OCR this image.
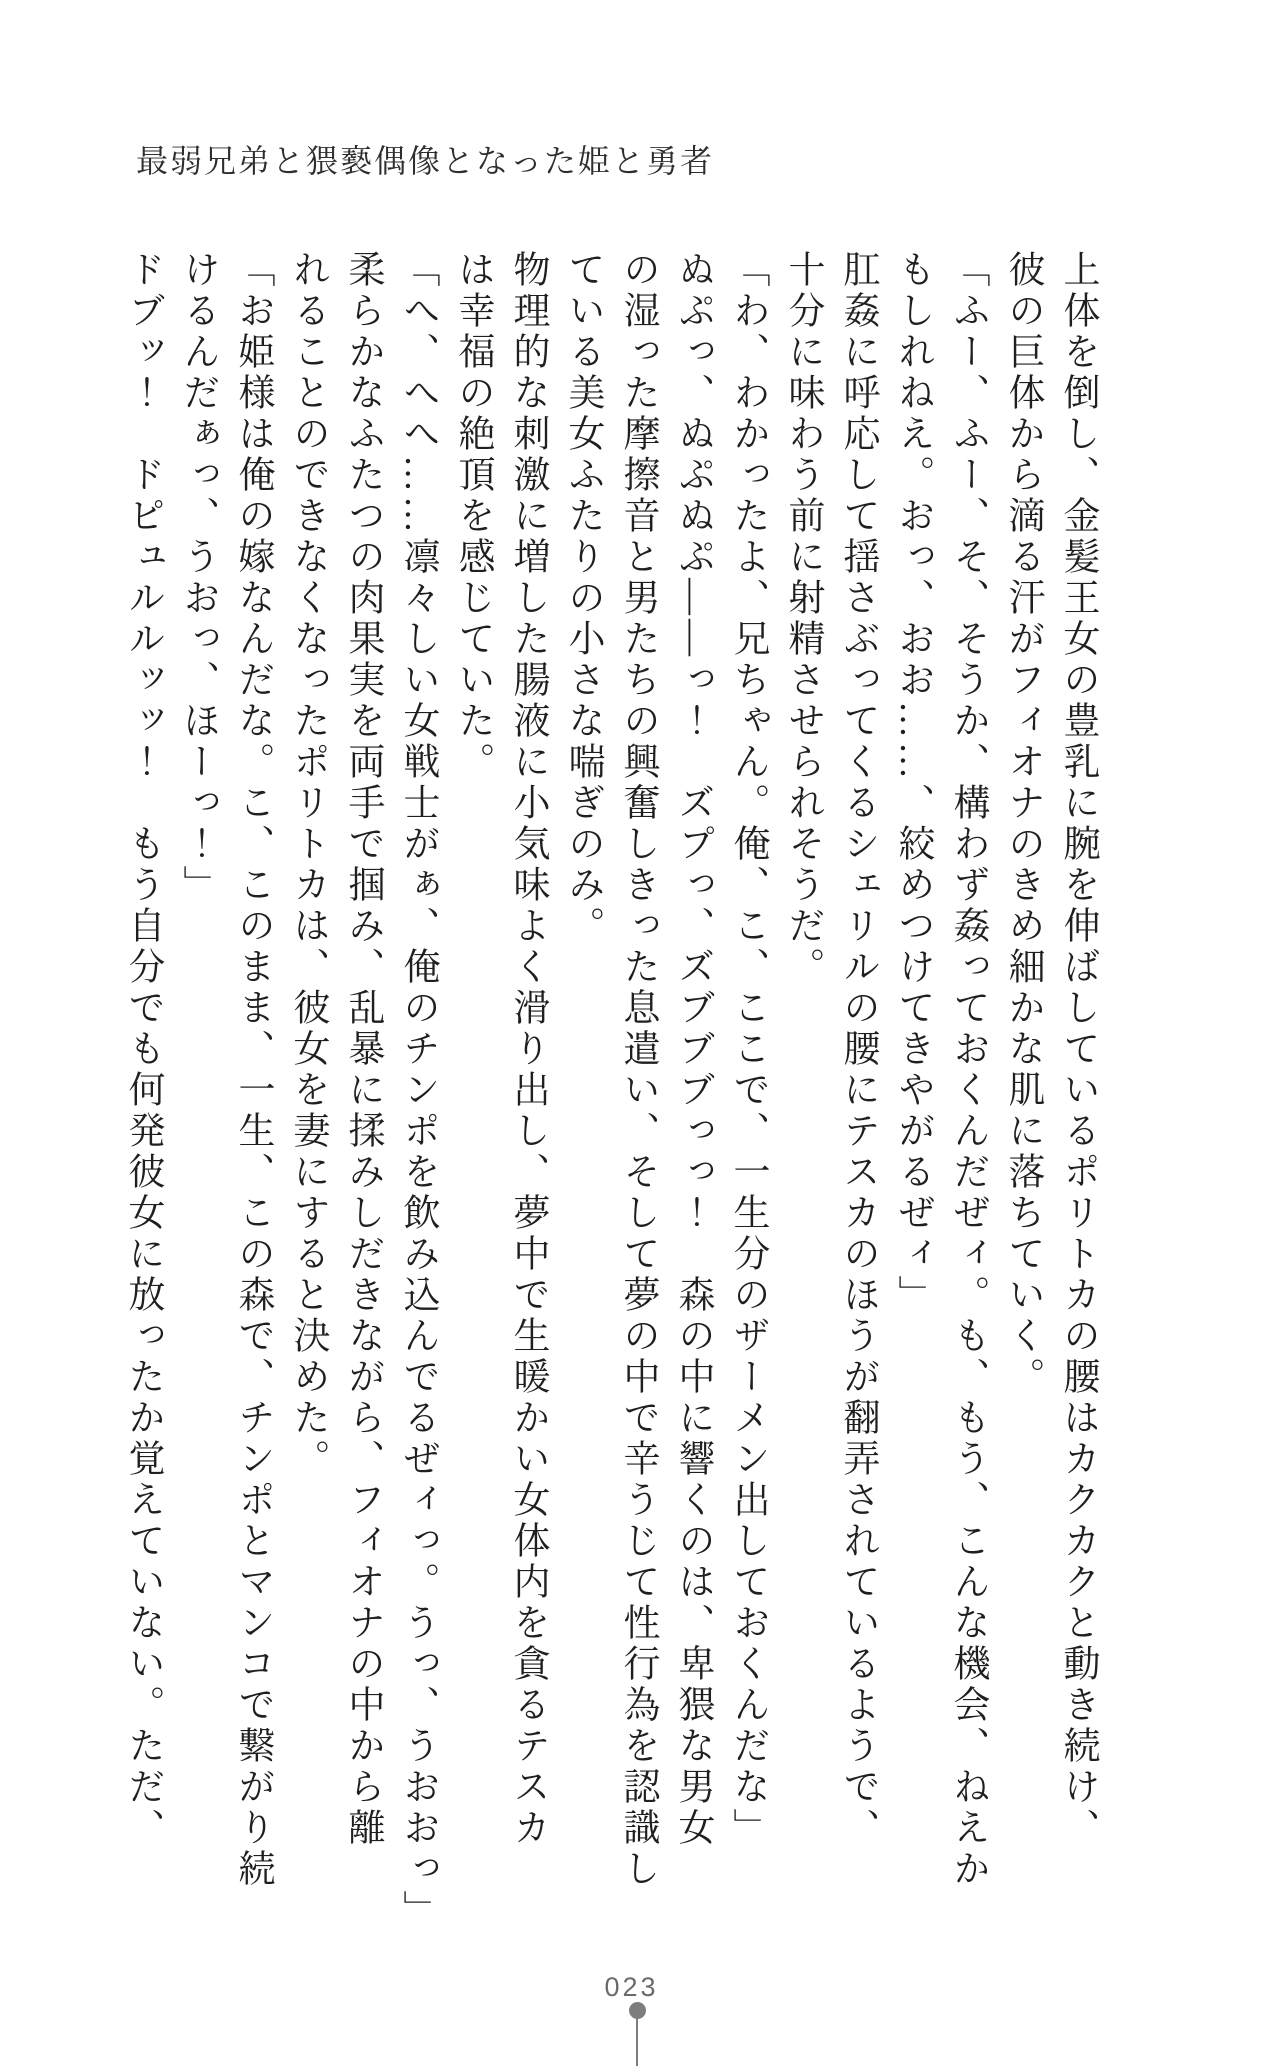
最弱兄弟と猥褻偶像となった姫と勇者

上体を倒し、金髪王女の豊乳に腕を伸ばしているポリトカの腰はカクカクと動き続け、

彼の巨体から滴る汗がフィオナのきめ細かな肌に落ちていく。

「ふー、ふー、そ、そうか、構わず姦っておくんだぜィ。も、もう、こんな機会、ねえか

もしれねえ。おっ、おお……、絞めつけてきやがるぜィ」

肛姦に呼応して揺さぶってくるシェリルの腰にテスカのほうが翻弄されているようで、

十分に味わう前に射精させられそうだ。

「わ、わかったよ、兄ちゃん。俺、こ、ここで、一生分のザーメン出しておくんだな」

ぬぷっ、ぬぷぬぷ――っ！　ズプっ、ズブブブっっ！　森の中に響くのは、卑猥な男女

の湿った摩擦音と男たちの興奮しきった息遣い、そして夢の中で辛うじて性行為を認識し

ている美女ふたりの小さな喘ぎのみ。

物理的な刺激に増した腸液に小気味よく滑り出し、夢中で生暖かい女体内を貪るテスカ

は幸福の絶頂を感じていた。

「へ、へへ……凛々しい女戦士がぁ、俺のチンポを飲み込んでるぜィっ。うっ、うおおっ」

柔らかなふたつの肉果実を両手で掴み、乱暴に揉みしだきながら、フィオナの中から離

れることのできなくなったポリトカは、彼女を妻にすると決めた。

「お姫様は俺の嫁なんだな。こ、このまま、一生、この森で、チンポとマンコで繋がり続

けるんだぁっ、うおっ、ほーっ！」

ドブッ！　ドピュルルッッ！　もう自分でも何発彼女に放ったか覚えていない。ただ、

023
